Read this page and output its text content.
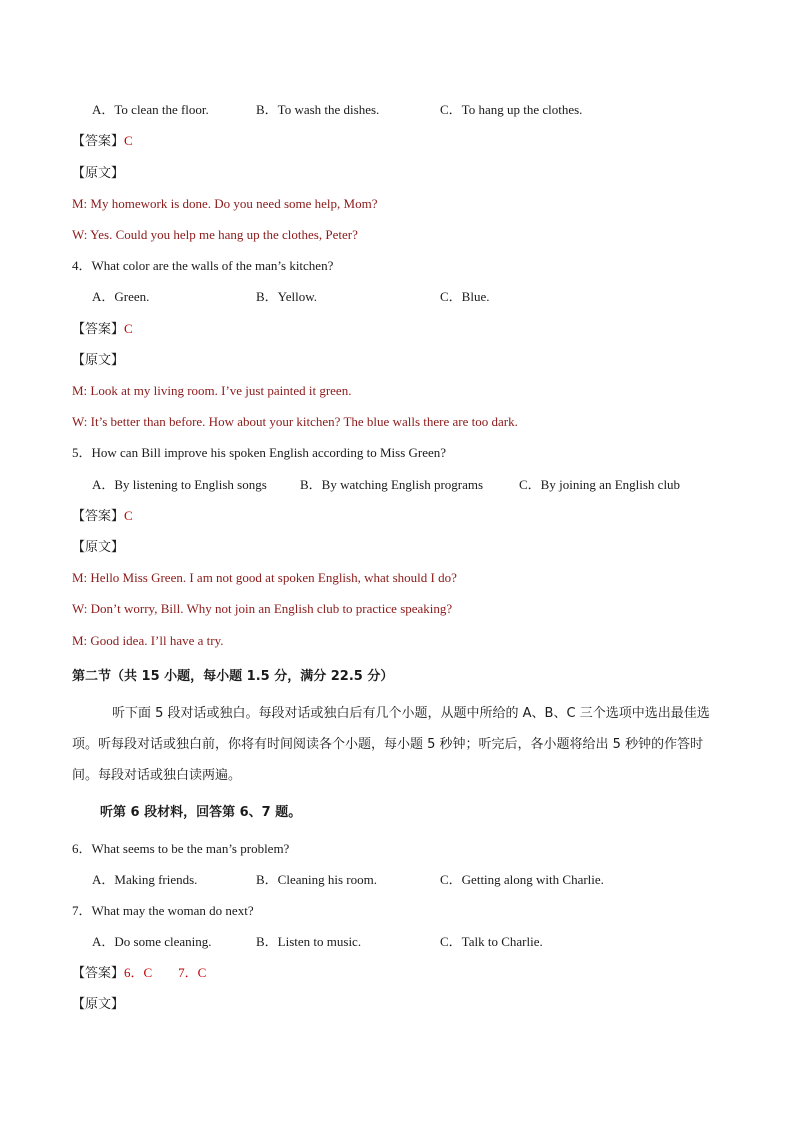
A．To clean the floor.	B．To wash the dishes.	C．To hang up the clothes.
【答案】C
【原文】
M: My homework is done. Do you need some help, Mom?
W: Yes. Could you help me hang up the clothes, Peter?
4．What color are the walls of the man’s kitchen?
A．Green.	B．Yellow.	C．Blue.
【答案】C
【原文】
M: Look at my living room. I’ve just painted it green.
W: It’s better than before. How about your kitchen? The blue walls there are too dark.
5．How can Bill improve his spoken English according to Miss Green?
A．By listening to English songs	B．By watching English programs	C．By joining an English club
【答案】C
【原文】
M: Hello Miss Green. I am not good at spoken English, what should I do?
W: Don’t worry, Bill. Why not join an English club to practice speaking?
M: Good idea. I’ll have a try.
第二节（共 15 小题，每小题 1.5 分，满分 22.5 分）
听下面 5 段对话或独白。每段对话或独白后有几个小题，从题中所给的 A、B、C 三个选项中选出最佳选项。听每段对话或独白前，你将有时间阅读各个小题，每小题 5 秒钟；听完后，各小题将给出 5 秒钟的作答时间。每段对话或独白读两遍。
听第 6 段材料，回答第 6、7 题。
6．What seems to be the man’s problem?
A．Making friends.	B．Cleaning his room.	C．Getting along with Charlie.
7．What may the woman do next?
A．Do some cleaning.	B．Listen to music.	C．Talk to Charlie.
【答案】6．C　　7．C
【原文】
